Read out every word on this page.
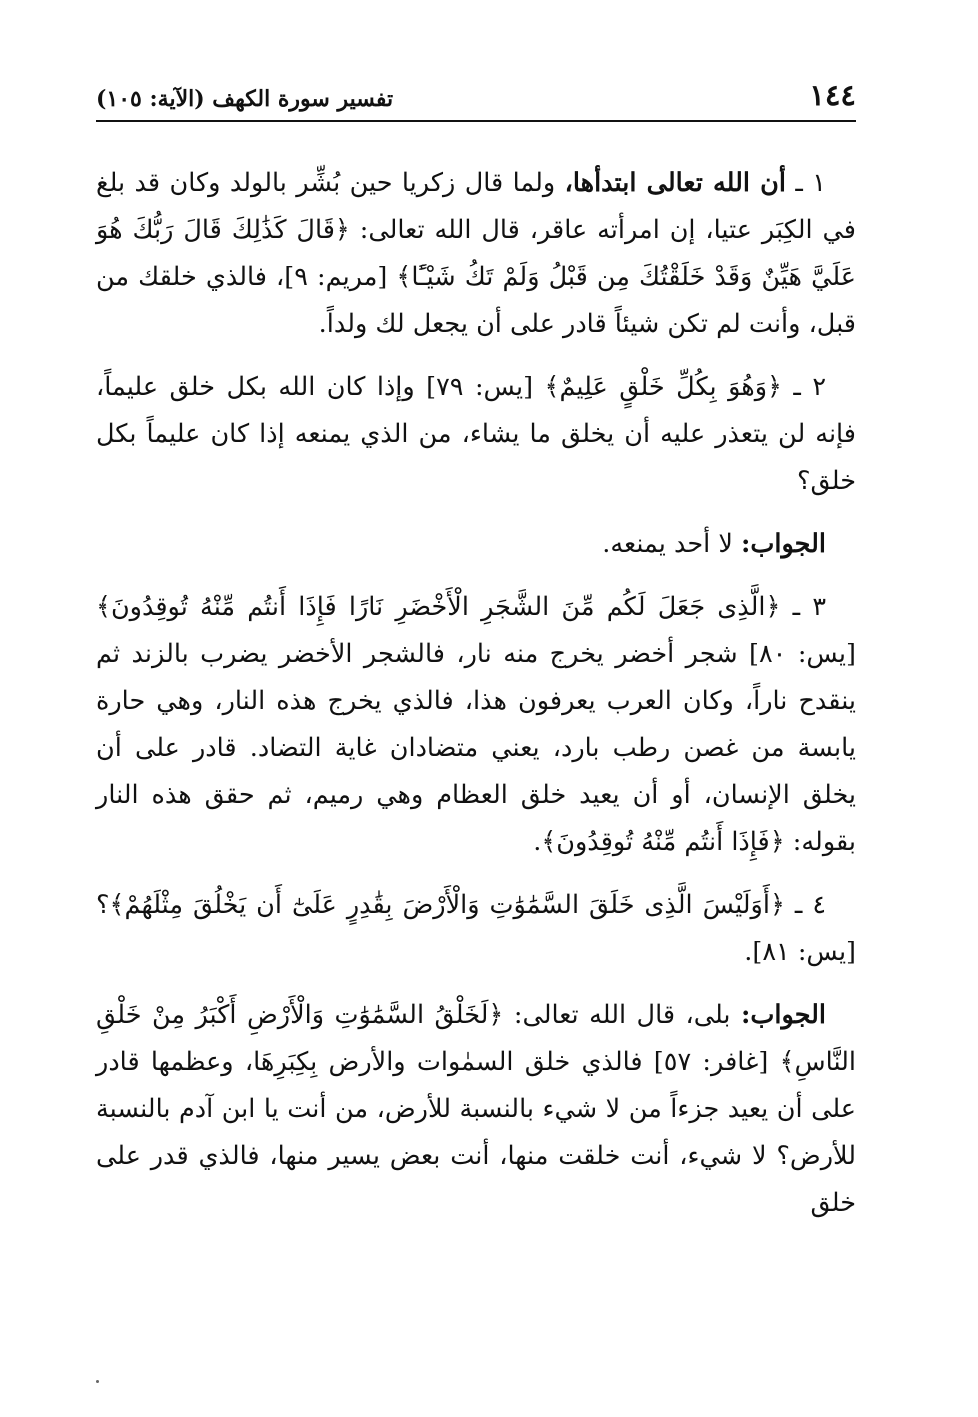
١٤٤
تفسير سورة الكهف (الآية: ١٠٥)

١ ـ أن الله تعالى ابتدأها، ولما قال زكريا حين بُشِّر بالولد وكان قد بلغ في الكِبَر عتيا، إن امرأته عاقر، قال الله تعالى: ﴿قَالَ كَذَٰلِكَ قَالَ رَبُّكَ هُوَ عَلَيَّ هَيِّنٌ وَقَدْ خَلَقْتُكَ مِن قَبْلُ وَلَمْ تَكُ شَيْـًٔا﴾ [مريم: ٩]، فالذي خلقك من قبل، وأنت لم تكن شيئاً قادر على أن يجعل لك ولداً.

٢ ـ ﴿وَهُوَ بِكُلِّ خَلْقٍ عَلِيمٌ﴾ [يس: ٧٩] وإذا كان الله بكل خلق عليماً، فإنه لن يتعذر عليه أن يخلق ما يشاء، من الذي يمنعه إذا كان عليماً بكل خلق؟

الجواب: لا أحد يمنعه.

٣ ـ ﴿الَّذِى جَعَلَ لَكُم مِّنَ الشَّجَرِ الْأَخْضَرِ نَارًا فَإِذَا أَنتُم مِّنْهُ تُوقِدُونَ﴾ [يس: ٨٠] شجر أخضر يخرج منه نار، فالشجر الأخضر يضرب بالزند ثم ينقدح ناراً، وكان العرب يعرفون هذا، فالذي يخرج هذه النار، وهي حارة يابسة من غصن رطب بارد، يعني متضادان غاية التضاد. قادر على أن يخلق الإنسان، أو أن يعيد خلق العظام وهي رميم، ثم حقق هذه النار بقوله: ﴿فَإِذَا أَنتُم مِّنْهُ تُوقِدُونَ﴾.

٤ ـ ﴿أَوَلَيْسَ الَّذِى خَلَقَ السَّمَٰوَٰتِ وَالْأَرْضَ بِقَٰدِرٍ عَلَىٰٓ أَن يَخْلُقَ مِثْلَهُمْ﴾؟ [يس: ٨١].

الجواب: بلى، قال الله تعالى: ﴿لَخَلْقُ السَّمَٰوَٰتِ وَالْأَرْضِ أَكْبَرُ مِنْ خَلْقِ النَّاسِ﴾ [غافر: ٥٧] فالذي خلق السمٰوات والأرض بِكِبَرِهَا، وعظمها قادر على أن يعيد جزءاً من لا شيء بالنسبة للأرض، من أنت يا ابن آدم بالنسبة للأرض؟ لا شيء، أنت خلقت منها، أنت بعض يسير منها، فالذي قدر على خلق
